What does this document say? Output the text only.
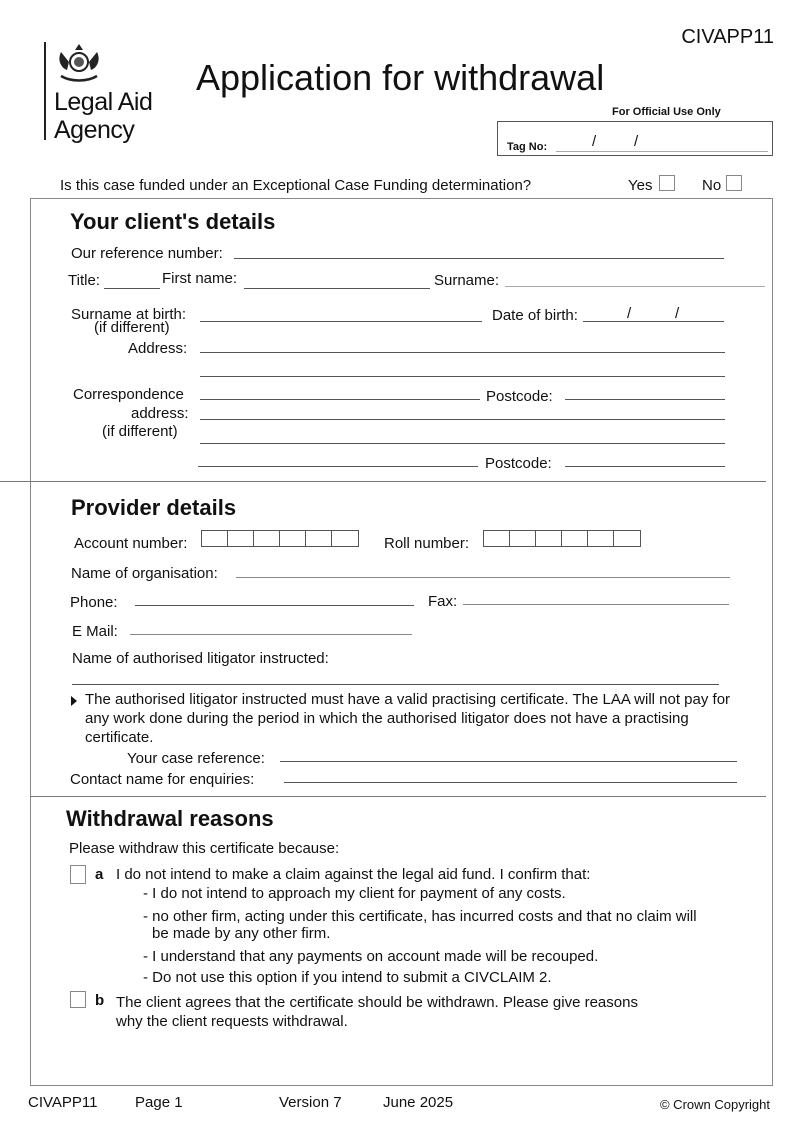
CIVAPP11
Legal Aid
Agency
Application for withdrawal
For Official Use Only
Tag No:	/	/
Is this case funded under an Exceptional Case Funding determination?	Yes	No
Your client's details
Our reference number:
Title:	First name:	Surname:
Surname at birth:
(if different)
Date of birth:	/	/
Address:
Correspondence
address:
(if different)
Postcode:
Postcode:
Provider details
Account number:	Roll number:
Name of organisation:
Phone:	Fax:
E Mail:
Name of authorised litigator instructed:
The authorised litigator instructed must have a valid practising certificate. The LAA will not pay for any work done during the period in which the authorised litigator does not have a practising certificate.
Your case reference:
Contact name for enquiries:
Withdrawal reasons
Please withdraw this certificate because:
a I do not intend to make a claim against the legal aid fund. I confirm that:
- I do not intend to approach my client for payment of any costs.
- no other firm, acting under this certificate, has incurred costs and that no claim will
be made by any other firm.
- I understand that any payments on account made will be recouped.
- Do not use this option if you intend to submit a CIVCLAIM 2.
b The client agrees that the certificate should be withdrawn. Please give reasons
why the client requests withdrawal.
CIVAPP11	Page 1	Version 7	June 2025	© Crown Copyright
